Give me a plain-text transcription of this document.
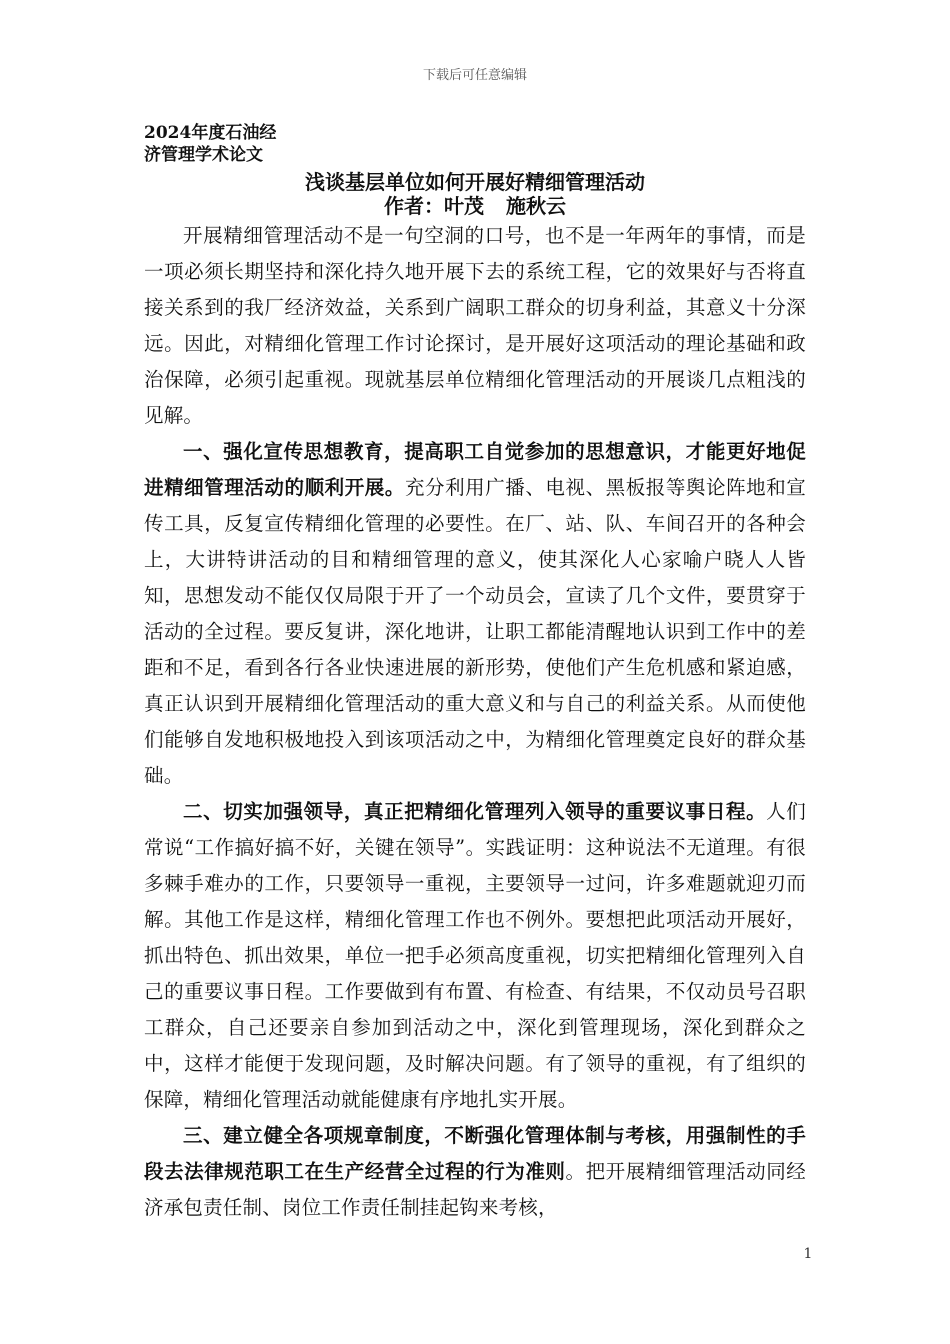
下载后可任意编辑

2024年度石油经

济管理学术论文

浅谈基层单位如何开展好精细管理活动

作者：叶茂 施秋云

开展精细管理活动不是一句空洞的口号，也不是一年两年的事情，而是一项必须长期坚持和深化持久地开展下去的系统工程，它的效果好与否将直接关系到的我厂经济效益，关系到广阔职工群众的切身利益，其意义十分深远。因此，对精细化管理工作讨论探讨，是开展好这项活动的理论基础和政治保障，必须引起重视。现就基层单位精细化管理活动的开展谈几点粗浅的见解。

一、强化宣传思想教育，提高职工自觉参加的思想意识，才能更好地促进精细管理活动的顺利开展。充分利用广播、电视、黑板报等舆论阵地和宣传工具，反复宣传精细化管理的必要性。在厂、站、队、车间召开的各种会上，大讲特讲活动的目和精细管理的意义，使其深化人心家喻户晓人人皆知，思想发动不能仅仅局限于开了一个动员会，宣读了几个文件，要贯穿于活动的全过程。要反复讲，深化地讲，让职工都能清醒地认识到工作中的差距和不足，看到各行各业快速进展的新形势，使他们产生危机感和紧迫感，真正认识到开展精细化管理活动的重大意义和与自己的利益关系。从而使他们能够自发地积极地投入到该项活动之中，为精细化管理奠定良好的群众基础。

二、切实加强领导，真正把精细化管理列入领导的重要议事日程。人们常说“工作搞好搞不好，关键在领导”。实践证明：这种说法不无道理。有很多棘手难办的工作，只要领导一重视，主要领导一过问，许多难题就迎刃而解。其他工作是这样，精细化管理工作也不例外。要想把此项活动开展好，抓出特色、抓出效果，单位一把手必须高度重视，切实把精细化管理列入自己的重要议事日程。工作要做到有布置、有检查、有结果，不仅动员号召职工群众，自己还要亲自参加到活动之中，深化到管理现场，深化到群众之中，这样才能便于发现问题，及时解决问题。有了领导的重视，有了组织的保障，精细化管理活动就能健康有序地扎实开展。

三、建立健全各项规章制度，不断强化管理体制与考核，用强制性的手段去法律规范职工在生产经营全过程的行为准则。把开展精细管理活动同经济承包责任制、岗位工作责任制挂起钩来考核，

1
